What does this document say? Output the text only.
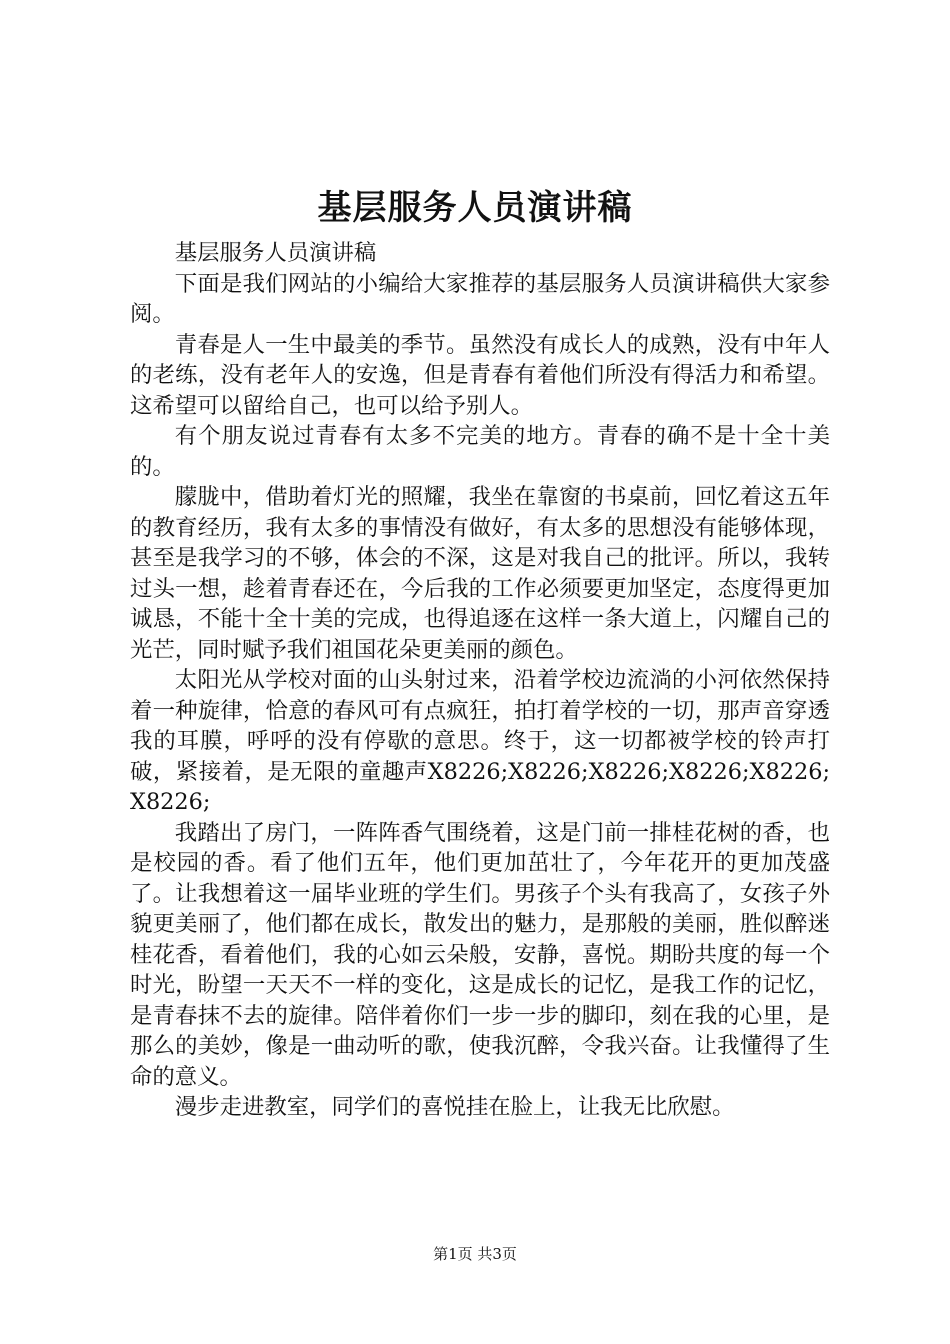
基层服务人员演讲稿

基层服务人员演讲稿

下面是我们网站的小编给大家推荐的基层服务人员演讲稿供大家参阅。

青春是人一生中最美的季节。虽然没有成长人的成熟，没有中年人的老练，没有老年人的安逸，但是青春有着他们所没有得活力和希望。这希望可以留给自己，也可以给予别人。

有个朋友说过青春有太多不完美的地方。青春的确不是十全十美的。

朦胧中，借助着灯光的照耀，我坐在靠窗的书桌前，回忆着这五年的教育经历，我有太多的事情没有做好，有太多的思想没有能够体现，甚至是我学习的不够，体会的不深，这是对我自己的批评。所以，我转过头一想，趁着青春还在，今后我的工作必须要更加坚定，态度得更加诚恳，不能十全十美的完成，也得追逐在这样一条大道上，闪耀自己的光芒，同时赋予我们祖国花朵更美丽的颜色。

太阳光从学校对面的山头射过来，沿着学校边流淌的小河依然保持着一种旋律，恰意的春风可有点疯狂，拍打着学校的一切，那声音穿透我的耳膜，呼呼的没有停歇的意思。终于，这一切都被学校的铃声打破，紧接着，是无限的童趣声X8226;X8226;X8226;X8226;X8226;X8226;

我踏出了房门，一阵阵香气围绕着，这是门前一排桂花树的香，也是校园的香。看了他们五年，他们更加茁壮了，今年花开的更加茂盛了。让我想着这一届毕业班的学生们。男孩子个头有我高了，女孩子外貌更美丽了，他们都在成长，散发出的魅力，是那般的美丽，胜似醉迷桂花香，看着他们，我的心如云朵般，安静，喜悦。期盼共度的每一个时光，盼望一天天不一样的变化，这是成长的记忆，是我工作的记忆，是青春抹不去的旋律。陪伴着你们一步一步的脚印，刻在我的心里，是那么的美妙，像是一曲动听的歌，使我沉醉，令我兴奋。让我懂得了生命的意义。

漫步走进教室，同学们的喜悦挂在脸上，让我无比欣慰。

第1页 共3页
